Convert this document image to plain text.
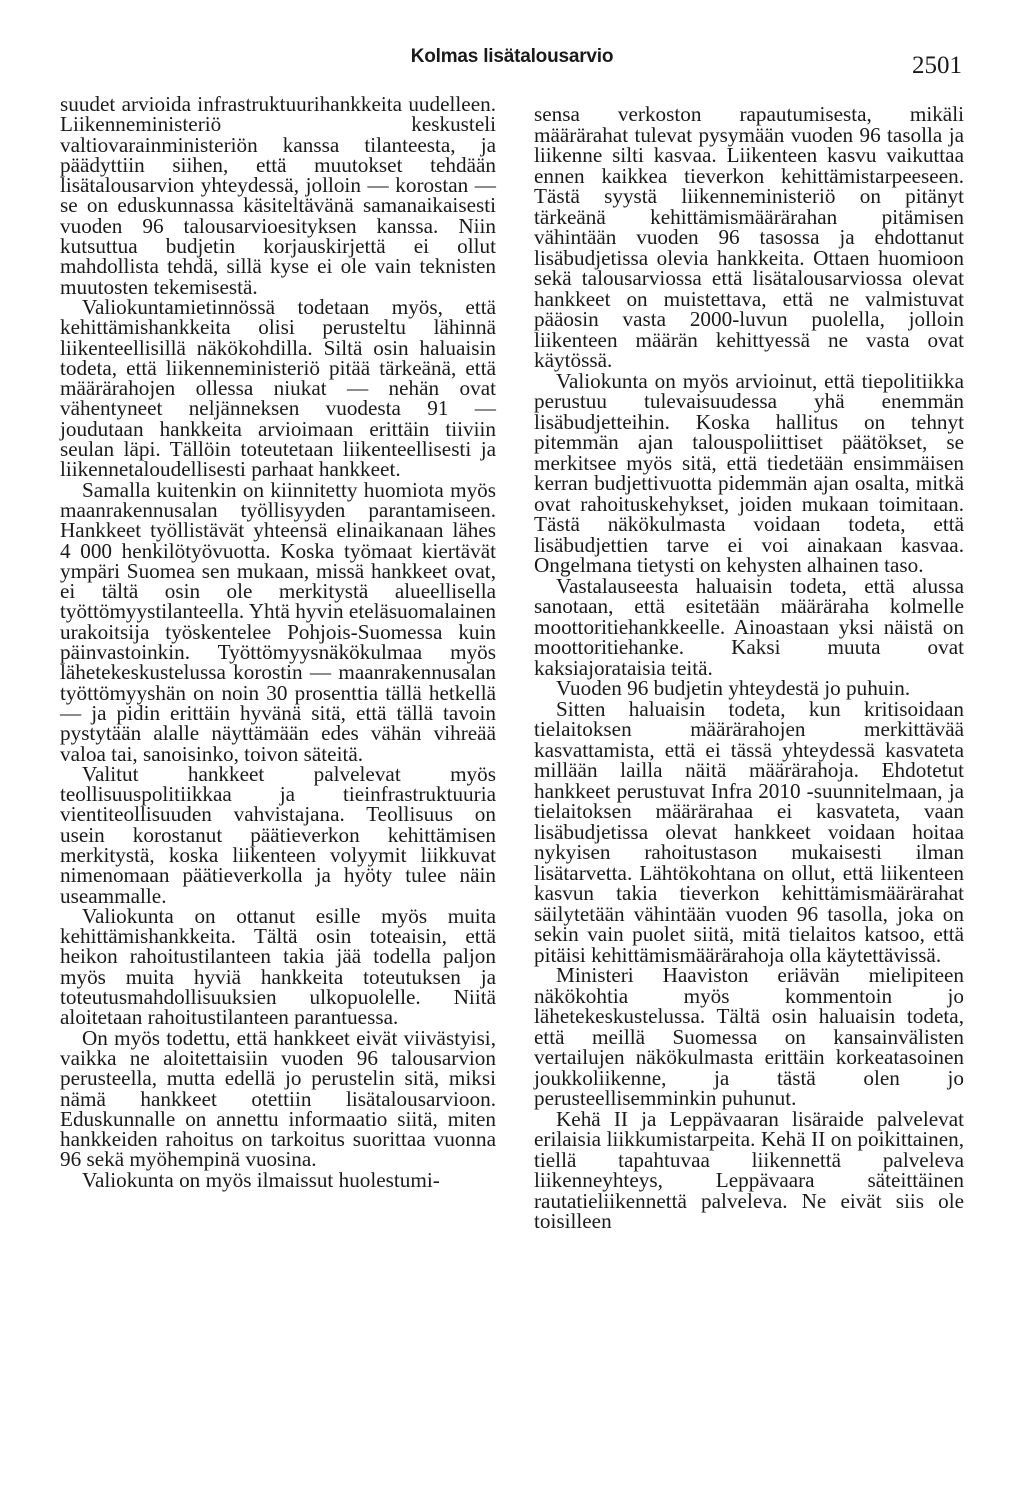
Kolmas lisätalousarvio	2501

suudet arvioida infrastruktuurihankkeita uudelleen. Liikenneministeriö keskusteli valtiovarainministeriön kanssa tilanteesta, ja päädyttiin siihen, että muutokset tehdään lisätalousarvion yhteydessä, jolloin — korostan — se on eduskunnassa käsiteltävänä samanaikaisesti vuoden 96 talousarvioesityksen kanssa. Niin kutsuttua budjetin korjauskirjettä ei ollut mahdollista tehdä, sillä kyse ei ole vain teknisten muutosten tekemisestä.

Valiokuntamietinnössä todetaan myös, että kehittämishankkeita olisi perusteltu lähinnä liikenteellisillä näkökohdilla. Siltä osin haluaisin todeta, että liikenneministeriö pitää tärkeänä, että määrärahojen ollessa niukat — nehän ovat vähentyneet neljänneksen vuodesta 91 — joudutaan hankkeita arvioimaan erittäin tiiviin seulan läpi. Tällöin toteutetaan liikenteellisesti ja liikennetaloudellisesti parhaat hankkeet.

Samalla kuitenkin on kiinnitetty huomiota myös maanrakennusalan työllisyyden parantamiseen. Hankkeet työllistävät yhteensä elinaikanaan lähes 4 000 henkilötyövuotta. Koska työmaat kiertävät ympäri Suomea sen mukaan, missä hankkeet ovat, ei tältä osin ole merkitystä alueellisella työttömyystilanteella. Yhtä hyvin eteläsuomalainen urakoitsija työskentelee Pohjois-Suomessa kuin päinvastoinkin. Työttömyysnäkökulmaa myös lähetekeskustelussa korostin — maanrakennusalan työttömyyshän on noin 30 prosenttia tällä hetkellä — ja pidin erittäin hyvänä sitä, että tällä tavoin pystytään alalle näyttämään edes vähän vihreää valoa tai, sanoisinko, toivon säteitä.

Valitut hankkeet palvelevat myös teollisuuspolitiikkaa ja tieinfrastruktuuria vientiteollisuuden vahvistajana. Teollisuus on usein korostanut päätieverkon kehittämisen merkitystä, koska liikenteen volyymit liikkuvat nimenomaan päätieverkolla ja hyöty tulee näin useammalle.

Valiokunta on ottanut esille myös muita kehittämishankkeita. Tältä osin toteaisin, että heikon rahoitustilanteen takia jää todella paljon myös muita hyviä hankkeita toteutuksen ja toteutusmahdollisuuksien ulkopuolelle. Niitä aloitetaan rahoitustilanteen parantuessa.

On myös todettu, että hankkeet eivät viivästyisi, vaikka ne aloitettaisiin vuoden 96 talousarvion perusteella, mutta edellä jo perustelin sitä, miksi nämä hankkeet otettiin lisätalousarvioon. Eduskunnalle on annettu informaatio siitä, miten hankkeiden rahoitus on tarkoitus suorittaa vuonna 96 sekä myöhempinä vuosina.

Valiokunta on myös ilmaissut huolestumi-

sensa verkoston rapautumisesta, mikäli määrärahat tulevat pysymään vuoden 96 tasolla ja liikenne silti kasvaa. Liikenteen kasvu vaikuttaa ennen kaikkea tieverkon kehittämistarpeeseen. Tästä syystä liikenneministeriö on pitänyt tärkeänä kehittämismäärärahan pitämisen vähintään vuoden 96 tasossa ja ehdottanut lisäbudjetissa olevia hankkeita. Ottaen huomioon sekä talousarviossa että lisätalousarviossa olevat hankkeet on muistettava, että ne valmistuvat pääosin vasta 2000-luvun puolella, jolloin liikenteen määrän kehittyessä ne vasta ovat käytössä.

Valiokunta on myös arvioinut, että tiepolitiikka perustuu tulevaisuudessa yhä enemmän lisäbudjetteihin. Koska hallitus on tehnyt pitemmän ajan talouspoliittiset päätökset, se merkitsee myös sitä, että tiedetään ensimmäisen kerran budjettivuotta pidemmän ajan osalta, mitkä ovat rahoituskehykset, joiden mukaan toimitaan. Tästä näkökulmasta voidaan todeta, että lisäbudjettien tarve ei voi ainakaan kasvaa. Ongelmana tietysti on kehysten alhainen taso.

Vastalauseesta haluaisin todeta, että alussa sanotaan, että esitetään määräraha kolmelle moottoritiehankkeelle. Ainoastaan yksi näistä on moottoritiehanke. Kaksi muuta ovat kaksiajorataisia teitä.

Vuoden 96 budjetin yhteydestä jo puhuin.

Sitten haluaisin todeta, kun kritisoidaan tielaitoksen määrärahojen merkittävää kasvattamista, että ei tässä yhteydessä kasvateta millään lailla näitä määrärahoja. Ehdotetut hankkeet perustuvat Infra 2010 -suunnitelmaan, ja tielaitoksen määrärahaa ei kasvateta, vaan lisäbudjetissa olevat hankkeet voidaan hoitaa nykyisen rahoitustason mukaisesti ilman lisätarvetta. Lähtökohtana on ollut, että liikenteen kasvun takia tieverkon kehittämismäärärahat säilytetään vähintään vuoden 96 tasolla, joka on sekin vain puolet siitä, mitä tielaitos katsoo, että pitäisi kehittämismäärärahoja olla käytettävissä.

Ministeri Haaviston eriävän mielipiteen näkökohtia myös kommentoin jo lähetekeskustelussa. Tältä osin haluaisin todeta, että meillä Suomessa on kansainvälisten vertailujen näkökulmasta erittäin korkeatasoinen joukkoliikenne, ja tästä olen jo perusteellisemminkin puhunut.

Kehä II ja Leppävaaran lisäraide palvelevat erilaisia liikkumistarpeita. Kehä II on poikittainen, tiellä tapahtuvaa liikennettä palveleva liikenneyhteys, Leppävaara säteittäinen rautatieliikennettä palveleva. Ne eivät siis ole toisilleen
